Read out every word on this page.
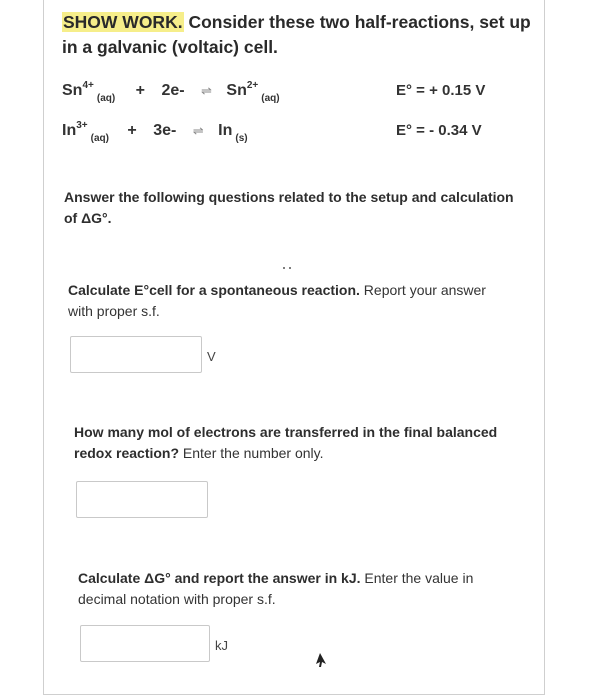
SHOW WORK. Consider these two half-reactions, set up in a galvanic (voltaic) cell.
$Sn^{4+}_{(aq)} + 2e-$ ⇌ $Sn^{2+}_{(aq)}$	E° = + 0.15 V
$In^{3+}_{(aq)} + 3e-$ ⇌ In $_{(s)}$	E° = - 0.34 V
Answer the following questions related to the setup and calculation of ΔG°.
Calculate E°cell for a spontaneous reaction. Report your answer with proper s.f.
V
How many mol of electrons are transferred in the final balanced redox reaction? Enter the number only.
Calculate ΔG° and report the answer in kJ. Enter the value in decimal notation with proper s.f.
kJ
